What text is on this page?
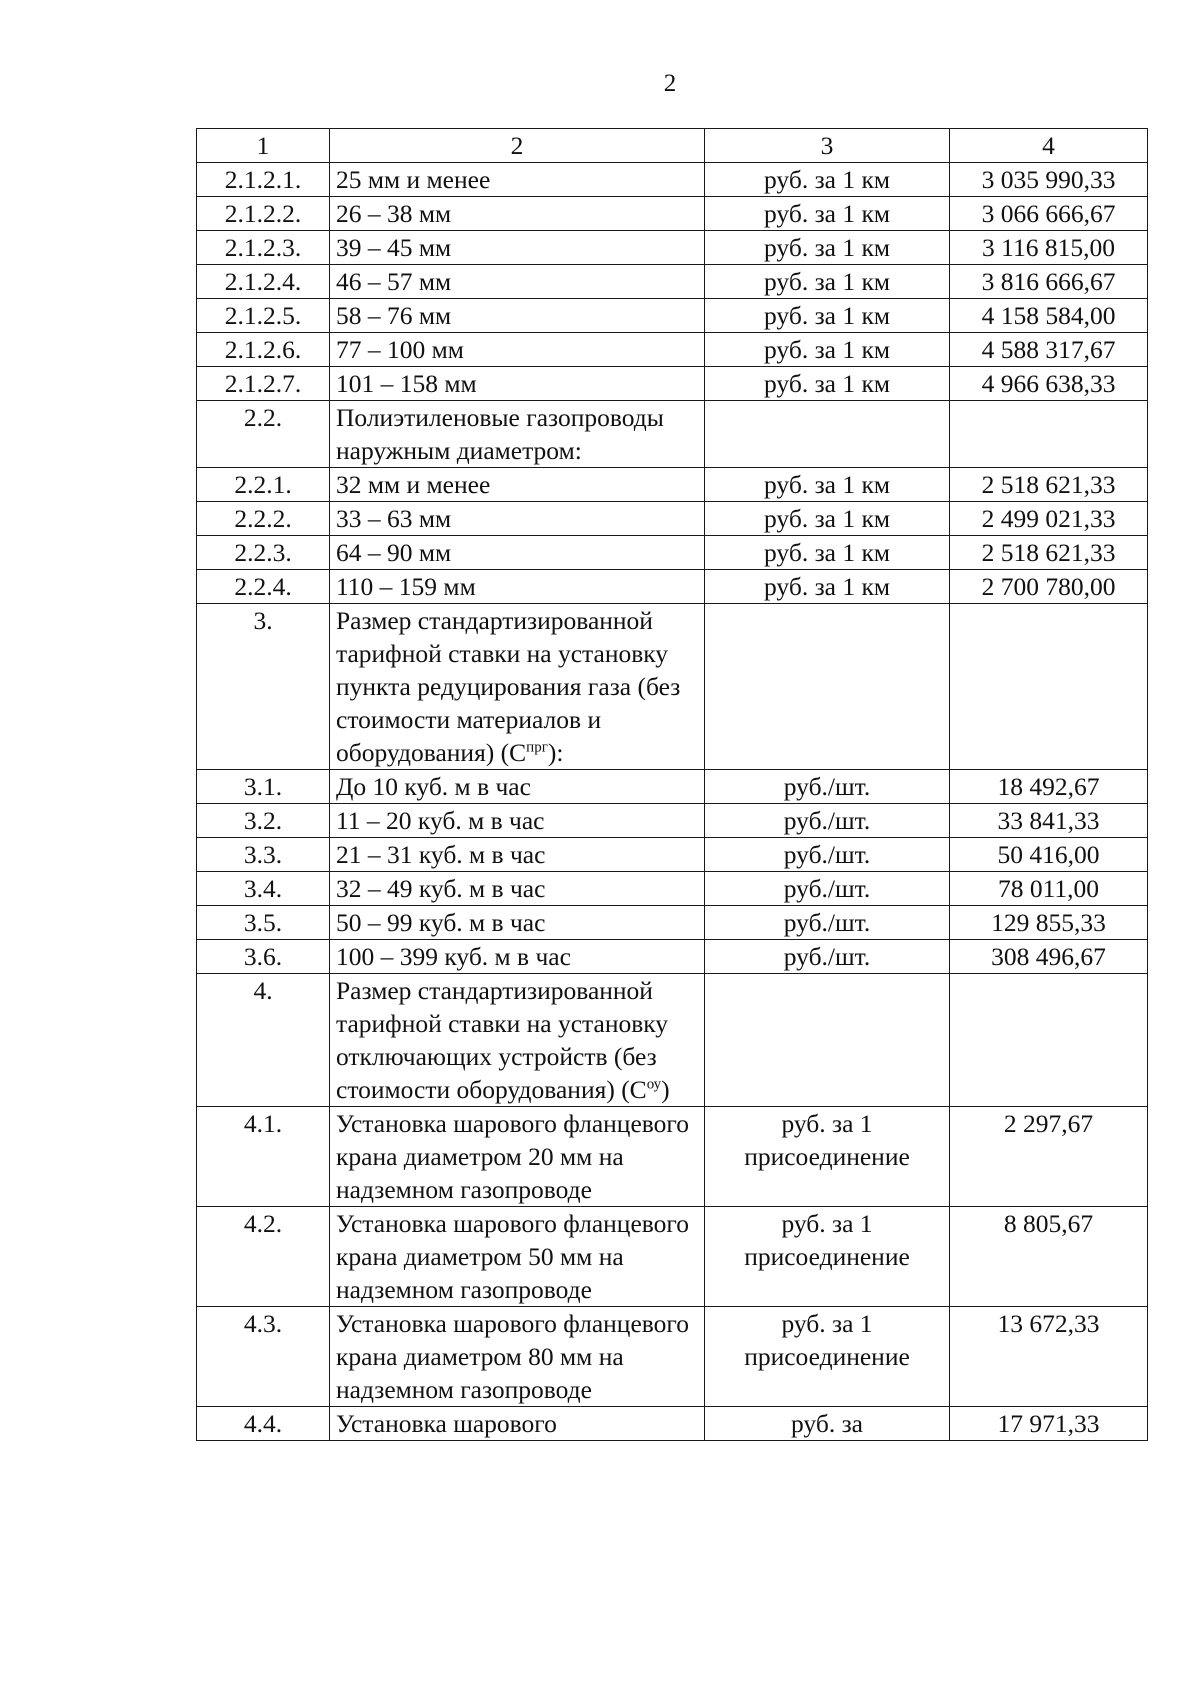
2
1	2	3	4
2.1.2.1.	25 мм и менее	руб. за 1 км	3 035 990,33
2.1.2.2.	26 – 38 мм	руб. за 1 км	3 066 666,67
2.1.2.3.	39 – 45 мм	руб. за 1 км	3 116 815,00
2.1.2.4.	46 – 57 мм	руб. за 1 км	3 816 666,67
2.1.2.5.	58 – 76 мм	руб. за 1 км	4 158 584,00
2.1.2.6.	77 – 100 мм	руб. за 1 км	4 588 317,67
2.1.2.7.	101 – 158 мм	руб. за 1 км	4 966 638,33
2.2.	Полиэтиленовые газопроводы наружным диаметром:		
2.2.1.	32 мм и менее	руб. за 1 км	2 518 621,33
2.2.2.	33 – 63 мм	руб. за 1 км	2 499 021,33
2.2.3.	64 – 90 мм	руб. за 1 км	2 518 621,33
2.2.4.	110 – 159 мм	руб. за 1 км	2 700 780,00
3.	Размер стандартизированной тарифной ставки на установку пункта редуцирования газа (без стоимости материалов и оборудования) $(С^{прг})$:		
3.1.	До 10 куб. м в час	руб./шт.	18 492,67
3.2.	11 – 20 куб. м в час	руб./шт.	33 841,33
3.3.	21 – 31 куб. м в час	руб./шт.	50 416,00
3.4.	32 – 49 куб. м в час	руб./шт.	78 011,00
3.5.	50 – 99 куб. м в час	руб./шт.	129 855,33
3.6.	100 – 399 куб. м в час	руб./шт.	308 496,67
4.	Размер стандартизированной тарифной ставки на установку отключающих устройств (без стоимости оборудования) $(С^{оу})$		
4.1.	Установка шарового фланцевого крана диаметром 20 мм на надземном газопроводе	руб. за 1 присоединение	2 297,67
4.2.	Установка шарового фланцевого крана диаметром 50 мм на надземном газопроводе	руб. за 1 присоединение	8 805,67
4.3.	Установка шарового фланцевого крана диаметром 80 мм на надземном газопроводе	руб. за 1 присоединение	13 672,33
4.4.	Установка шарового	руб. за	17 971,33
